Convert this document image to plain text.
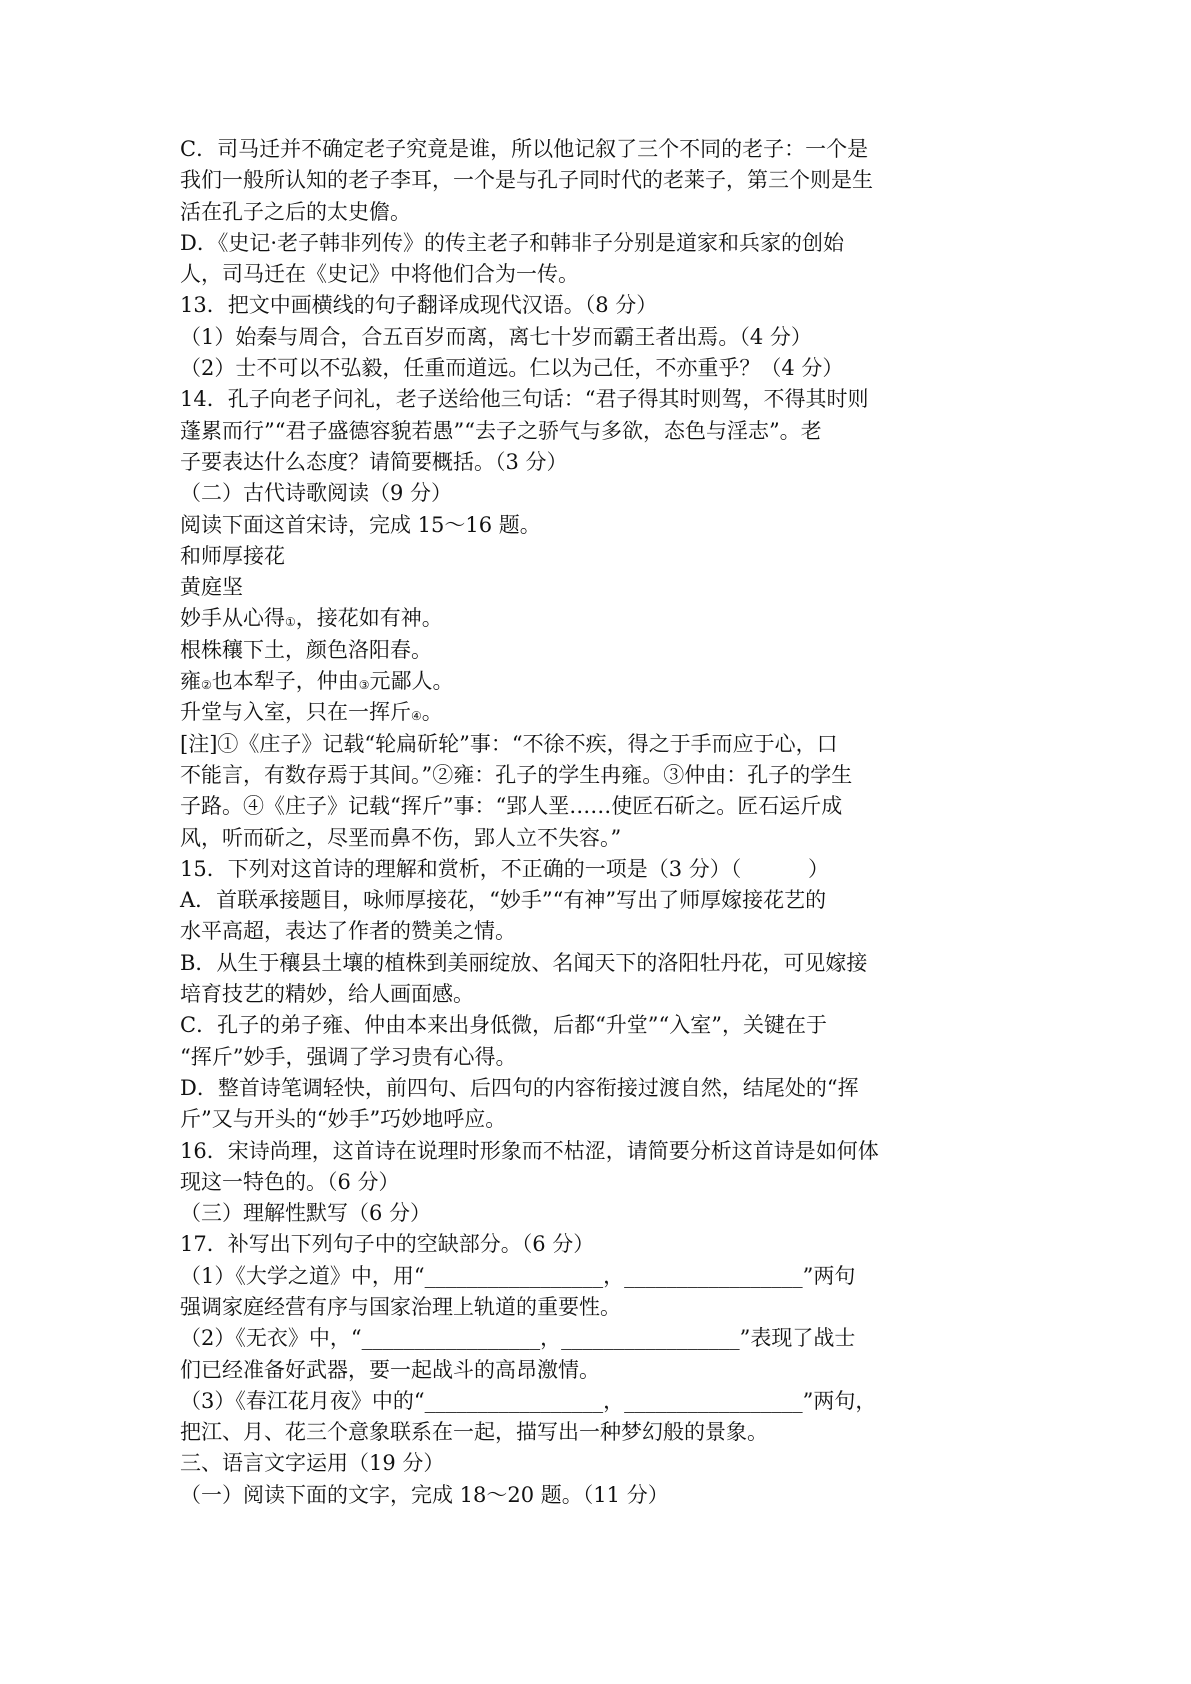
C．司马迁并不确定老子究竟是谁，所以他记叙了三个不同的老子：一个是
我们一般所认知的老子李耳，一个是与孔子同时代的老莱子，第三个则是生
活在孔子之后的太史儋。
D．《史记·老子韩非列传》的传主老子和韩非子分别是道家和兵家的创始
人，司马迁在《史记》中将他们合为一传。
13．把文中画横线的句子翻译成现代汉语。（8 分）
（1）始秦与周合，合五百岁而离，离七十岁而霸王者出焉。（4 分）
（2）士不可以不弘毅，任重而道远。仁以为己任，不亦重乎？（4 分）
14．孔子向老子问礼，老子送给他三句话：“君子得其时则驾，不得其时则
蓬累而行”“君子盛德容貌若愚”“去子之骄气与多欲，态色与淫志”。老
子要表达什么态度？请简要概括。（3 分）
（二）古代诗歌阅读（9 分）
阅读下面这首宋诗，完成 15～16 题。
和师厚接花
黄庭坚
妙手从心得①，接花如有神。
根株穰下土，颜色洛阳春。
雍②也本犁子，仲由③元鄙人。
升堂与入室，只在一挥斤④。
[注]①《庄子》记载“轮扁斫轮”事：“不徐不疾，得之于手而应于心，口
不能言，有数存焉于其间。”②雍：孔子的学生冉雍。③仲由：孔子的学生
子路。④《庄子》记载“挥斤”事：“郢人垩……使匠石斫之。匠石运斤成
风，听而斫之，尽垩而鼻不伤，郢人立不失容。”
15．下列对这首诗的理解和赏析，不正确的一项是（3 分）（          ）
A．首联承接题目，咏师厚接花，“妙手”“有神”写出了师厚嫁接花艺的
水平高超，表达了作者的赞美之情。
B．从生于穰县土壤的植株到美丽绽放、名闻天下的洛阳牡丹花，可见嫁接
培育技艺的精妙，给人画面感。
C．孔子的弟子雍、仲由本来出身低微，后都“升堂”“入室”，关键在于
“挥斤”妙手，强调了学习贵有心得。
D．整首诗笔调轻快，前四句、后四句的内容衔接过渡自然，结尾处的“挥
斤”又与开头的“妙手”巧妙地呼应。
16．宋诗尚理，这首诗在说理时形象而不枯涩，请简要分析这首诗是如何体
现这一特色的。（6 分）
（三）理解性默写（6 分）
17．补写出下列句子中的空缺部分。（6 分）
（1）《大学之道》中，用“_________________，_________________”两句
强调家庭经营有序与国家治理上轨道的重要性。
（2）《无衣》中，“_________________，_________________”表现了战士
们已经准备好武器，要一起战斗的高昂激情。
（3）《春江花月夜》中的“_________________，_________________”两句，
把江、月、花三个意象联系在一起，描写出一种梦幻般的景象。
三、语言文字运用（19 分）
（一）阅读下面的文字，完成 18～20 题。（11 分）
